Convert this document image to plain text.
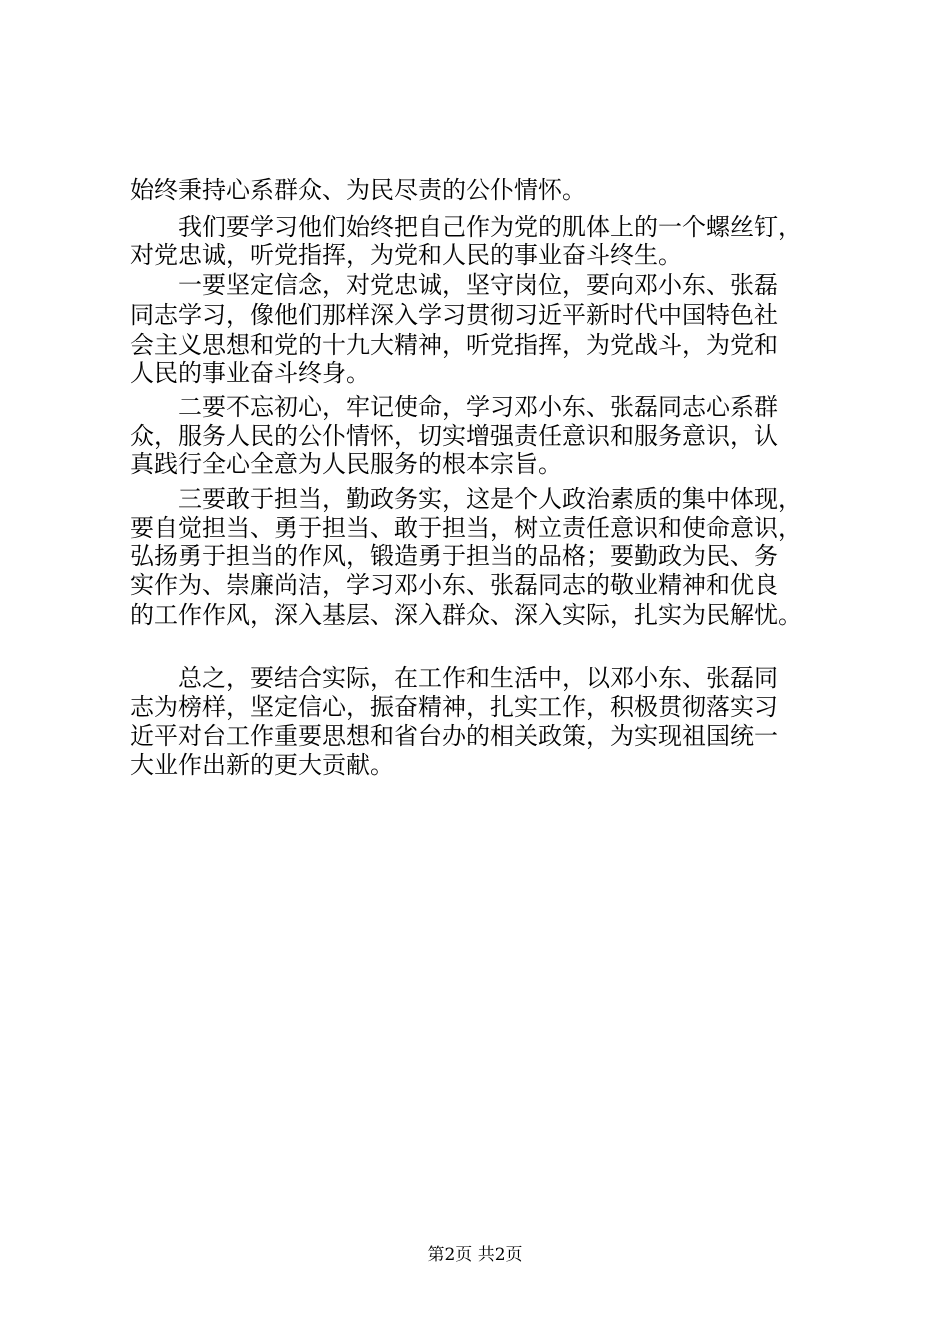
始终秉持心系群众、为民尽责的公仆情怀。
　　我们要学习他们始终把自己作为党的肌体上的一个螺丝钉，
对党忠诚，听党指挥，为党和人民的事业奋斗终生。
　　一要坚定信念，对党忠诚，坚守岗位，要向邓小东、张磊
同志学习，像他们那样深入学习贯彻习近平新时代中国特色社
会主义思想和党的十九大精神，听党指挥，为党战斗，为党和
人民的事业奋斗终身。
　　二要不忘初心，牢记使命，学习邓小东、张磊同志心系群
众，服务人民的公仆情怀，切实增强责任意识和服务意识，认
真践行全心全意为人民服务的根本宗旨。
　　三要敢于担当，勤政务实，这是个人政治素质的集中体现，
要自觉担当、勇于担当、敢于担当，树立责任意识和使命意识，
弘扬勇于担当的作风，锻造勇于担当的品格；要勤政为民、务
实作为、崇廉尚洁，学习邓小东、张磊同志的敬业精神和优良
的工作作风，深入基层、深入群众、深入实际，扎实为民解忧。
　　总之，要结合实际，在工作和生活中，以邓小东、张磊同
志为榜样，坚定信心，振奋精神，扎实工作，积极贯彻落实习
近平对台工作重要思想和省台办的相关政策，为实现祖国统一
大业作出新的更大贡献。
第2页 共2页
